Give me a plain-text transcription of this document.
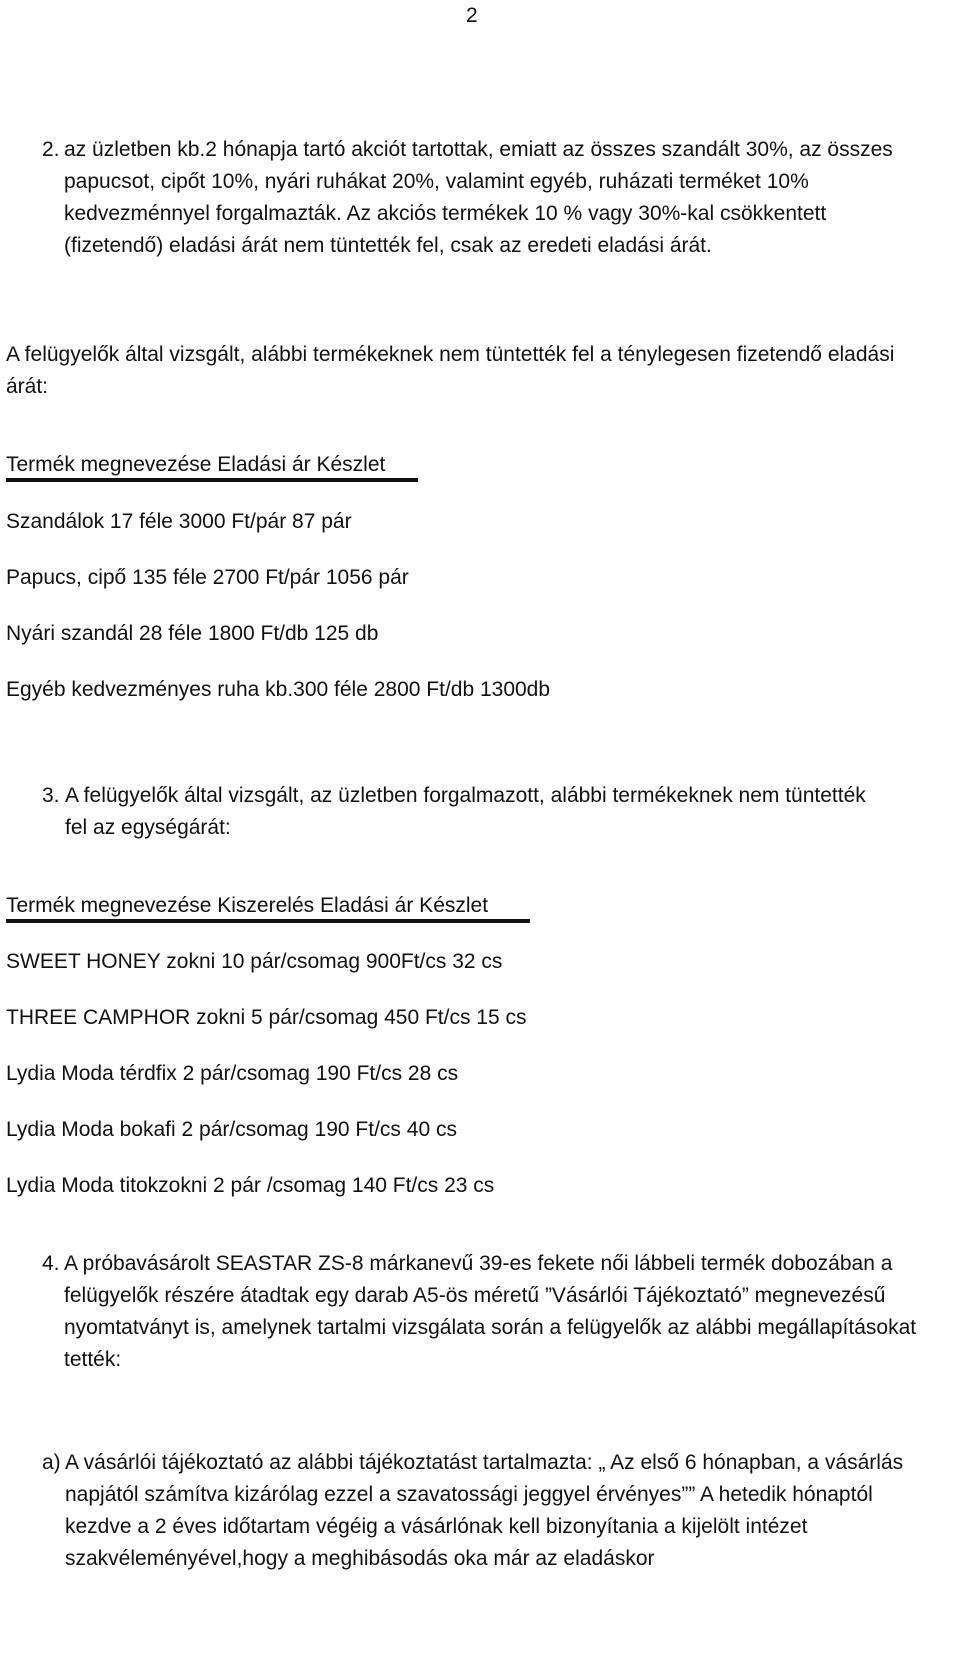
2
2. az üzletben kb.2 hónapja tartó akciót tartottak, emiatt az összes szandált 30%, az összes papucsot, cipőt 10%, nyári ruhákat 20%, valamint egyéb, ruházati terméket 10% kedvezménnyel forgalmazták. Az akciós termékek 10 % vagy 30%-kal csökkentett (fizetendő) eladási árát nem tüntették fel, csak az eredeti eladási árát.
A felügyelők által vizsgált, alábbi termékeknek nem tüntették fel a ténylegesen fizetendő eladási árát:
Termék megnevezése Eladási ár Készlet
Szandálok 17 féle 3000 Ft/pár 87 pár
Papucs, cipő 135 féle 2700 Ft/pár 1056 pár
Nyári szandál 28 féle 1800 Ft/db 125 db
Egyéb kedvezményes ruha kb.300 féle 2800 Ft/db 1300db
3. A felügyelők által vizsgált, az üzletben forgalmazott, alábbi termékeknek nem tüntették fel az egységárát:
Termék megnevezése Kiszerelés Eladási ár Készlet
SWEET HONEY zokni 10 pár/csomag 900Ft/cs 32 cs
THREE CAMPHOR zokni 5 pár/csomag 450 Ft/cs 15 cs
Lydia Moda térdfix 2 pár/csomag 190 Ft/cs 28 cs
Lydia Moda bokafi 2 pár/csomag 190 Ft/cs 40 cs
Lydia Moda titokzokni 2 pár /csomag 140 Ft/cs 23 cs
4. A próbavásárolt SEASTAR ZS-8 márkanevű 39-es fekete női lábbeli termék dobozában a felügyelők részére átadtak egy darab A5-ös méretű ”Vásárlói Tájékoztató” megnevezésű nyomtatványt is, amelynek tartalmi vizsgálata során a felügyelők az alábbi megállapításokat tették:
a) A vásárlói tájékoztató az alábbi tájékoztatást tartalmazta: „ Az első 6 hónapban, a vásárlás napjától számítva kizárólag ezzel a szavatossági jeggyel érvényes”” A hetedik hónaptól kezdve a 2 éves időtartam végéig a vásárlónak kell bizonyítania a kijelölt intézet szakvéleményével,hogy a meghibásodás oka már az eladáskor
